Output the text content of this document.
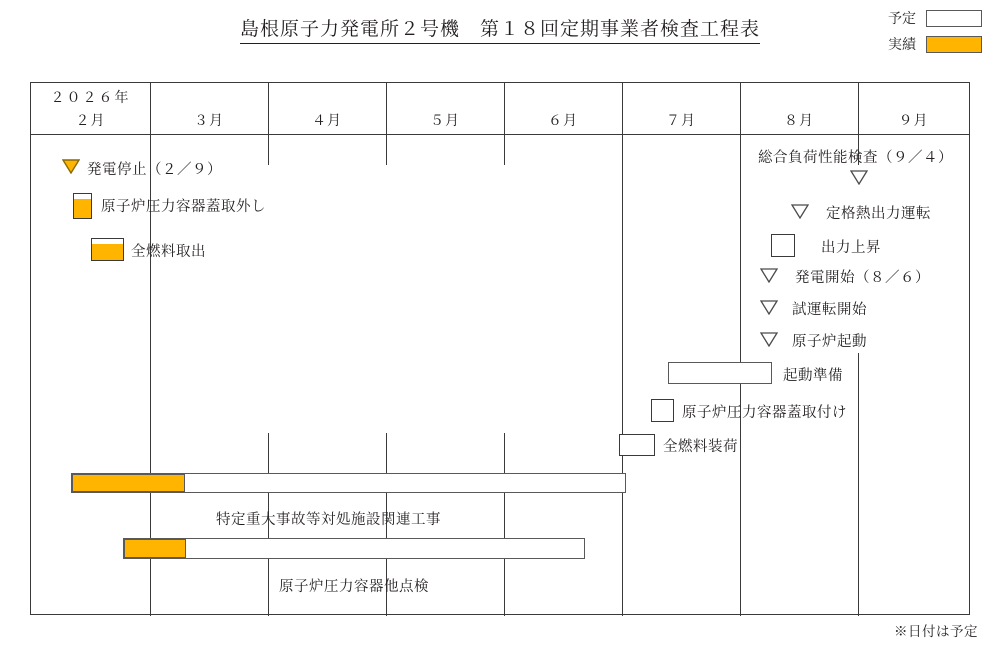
島根原子力発電所２号機　第１８回定期事業者検査工程表	予定
実績
２０２６年
２月	３月	４月	５月	６月	７月	８月	９月
発電停止（２／９）
原子炉圧力容器蓋取外し
全燃料取出
総合負荷性能検査（９／４）
定格熱出力運転
出力上昇
発電開始（８／６）
試運転開始
原子炉起動
起動準備
原子炉圧力容器蓋取付け
全燃料装荷
特定重大事故等対処施設関連工事
原子炉圧力容器他点検
※日付は予定
